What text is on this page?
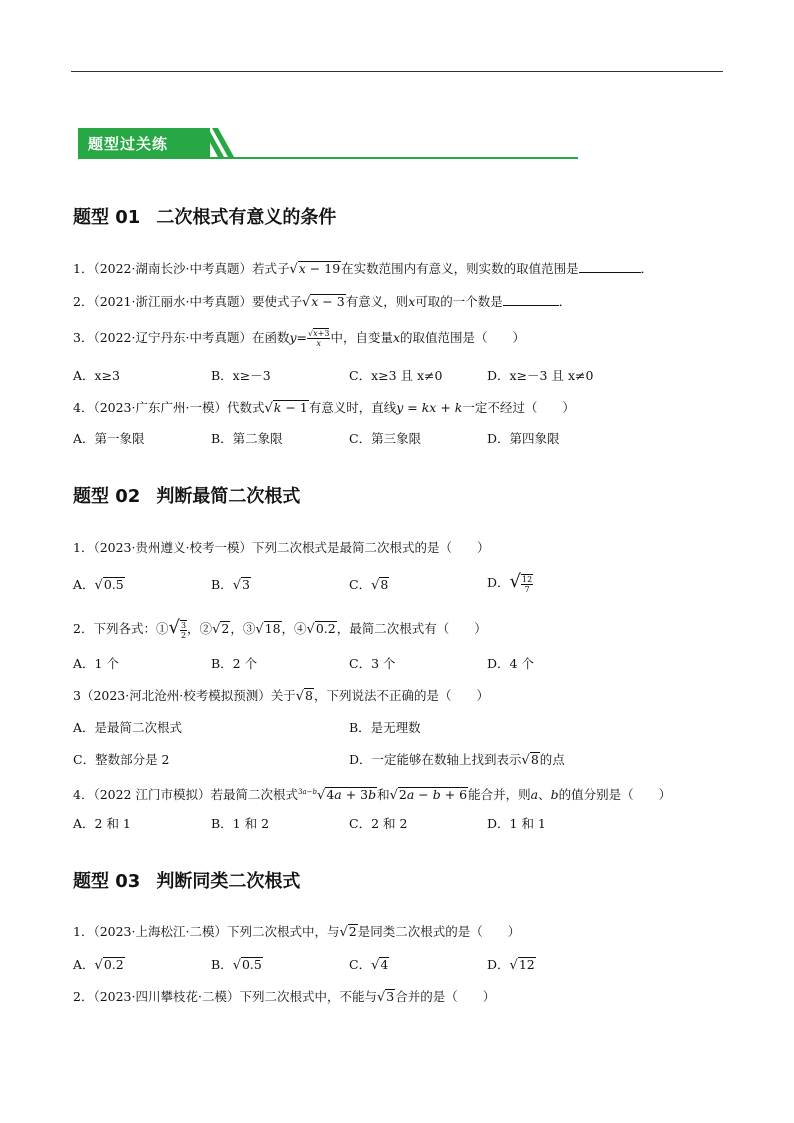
题型过关练
题型 01 二次根式有意义的条件
1．（2022·湖南长沙·中考真题）若式子√x − 19在实数范围内有意义，则实数的取值范围是	．
2．（2021·浙江丽水·中考真题）要使式子√x − 3有意义，则x可取的一个数是	．
3．（2022·辽宁丹东·中考真题）在函数$y= \frac{√x+3}{x}$ 中，自变量x的取值范围是（　　）
A．x≥3	B．x≥－3	C．x≥3 且 x≠0	D．x≥－3 且 x≠0
4．（2023·广东广州·一模）代数式√k − 1有意义时，直线y = kx + k一定不经过（　　）
A．第一象限	B．第二象限	C．第三象限	D．第四象限
题型 02 判断最简二次根式
1．（2023·贵州遵义·校考一模）下列二次根式是最简二次根式的是（　　）
A．√0.5	B．√3	C．√8	D．√ $\frac{12}{7}$
2．下列各式：①√ $\frac{3}{2}$ ，②√2，③√18，④√0.2，最简二次根式有（　　）
A．1 个	B．2 个	C．3 个	D．4 个
3（2023·河北沧州·校考模拟预测）关于√8，下列说法不正确的是（　　）
A．是最简二次根式	B．是无理数
C．整数部分是 2	D．一定能够在数轴上找到表示√8的点
4．（2022 江门市模拟）若最简二次根式$^{3a-b}$√4a + 3b和√2a − b + 6能合并，则a、b的值分别是（　　）
A．2 和 1	B．1 和 2	C．2 和 2	D．1 和 1
题型 03 判断同类二次根式
1．（2023·上海松江·二模）下列二次根式中，与√2是同类二次根式的是（　　）
A．√0.2	B．√0.5	C．√4	D．√12
2．（2023·四川攀枝花·二模）下列二次根式中，不能与√3合并的是（　　）
